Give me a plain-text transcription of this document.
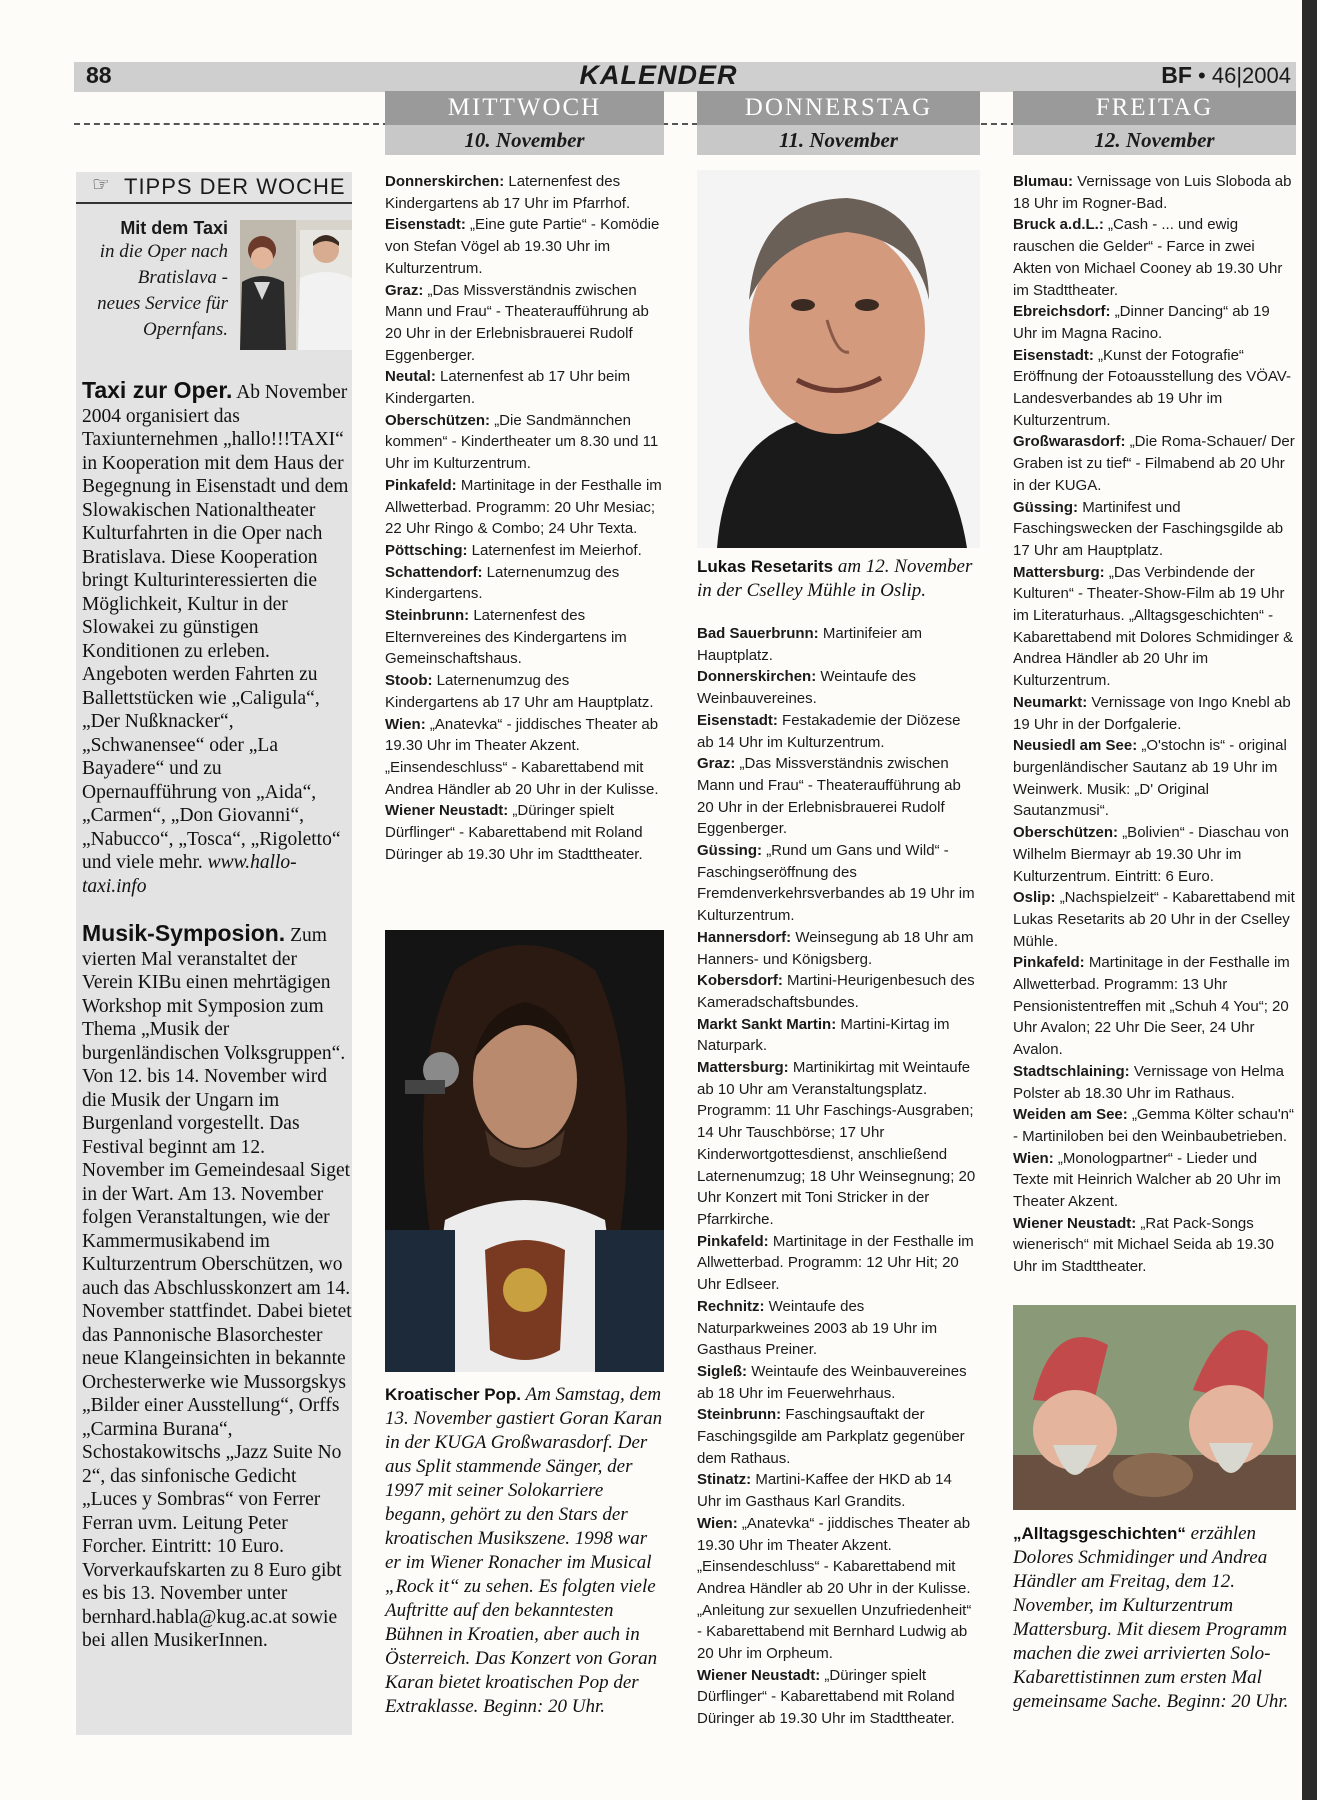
88	KALENDER	BF • 46|2004
MITTWOCH
10. November
DONNERSTAG
11. November
FREITAG
12. November
☞ TIPPS DER WOCHE
Mit dem Taxi
in die Oper nach Bratislava - neues Service für Opernfans.
Taxi zur Oper. Ab November 2004 organisiert das Taxiunternehmen „hallo!!!TAXI“ in Kooperation mit dem Haus der Begegnung in Eisenstadt und dem Slowakischen Nationaltheater Kulturfahrten in die Oper nach Bratislava. Diese Kooperation bringt Kulturinteressierten die Möglichkeit, Kultur in der Slowakei zu günstigen Konditionen zu erleben. Angeboten werden Fahrten zu Ballettstücken wie „Caligula“, „Der Nußknacker“, „Schwanensee“ oder „La Bayadere“ und zu Opernaufführung von „Aida“, „Carmen“, „Don Giovanni“, „Nabucco“, „Tosca“, „Rigoletto“ und viele mehr. www.hallo-taxi.info
Musik-Symposion. Zum vierten Mal veranstaltet der Verein KIBu einen mehrtägigen Workshop mit Symposion zum Thema „Musik der burgenländischen Volksgruppen“. Von 12. bis 14. November wird die Musik der Ungarn im Burgenland vorgestellt. Das Festival beginnt am 12. November im Gemeindesaal Siget in der Wart. Am 13. November folgen Veranstaltungen, wie der Kammermusikabend im Kulturzentrum Oberschützen, wo auch das Abschlusskonzert am 14. November stattfindet. Dabei bietet das Pannonische Blasorchester neue Klangeinsichten in bekannte Orchesterwerke wie Mussorgskys „Bilder einer Ausstellung“, Orffs „Carmina Burana“, Schostakowitschs „Jazz Suite No 2“, das sinfonische Gedicht „Luces y Sombras“ von Ferrer Ferran uvm. Leitung Peter Forcher. Eintritt: 10 Euro. Vorverkaufskarten zu 8 Euro gibt es bis 13. November unter bernhard.habla@kug.ac.at sowie bei allen MusikerInnen.

Donnerskirchen: Laternenfest des Kindergartens ab 17 Uhr im Pfarrhof.

Eisenstadt: „Eine gute Partie“ - Komödie von Stefan Vögel ab 19.30 Uhr im Kulturzentrum.

Graz: „Das Missverständnis zwischen Mann und Frau“ - Theateraufführung ab 20 Uhr in der Erlebnisbrauerei Rudolf Eggenberger.

Neutal: Laternenfest ab 17 Uhr beim Kindergarten.

Oberschützen: „Die Sandmännchen kommen“ - Kindertheater um 8.30 und 11 Uhr im Kulturzentrum.

Pinkafeld: Martinitage in der Festhalle im Allwetterbad. Programm: 20 Uhr Mesiac; 22 Uhr Ringo & Combo; 24 Uhr Texta.

Pöttsching: Laternenfest im Meierhof.

Schattendorf: Laternenumzug des Kindergartens.

Steinbrunn: Laternenfest des Elternvereines des Kindergartens im Gemeinschaftshaus.

Stoob: Laternenumzug des Kindergartens ab 17 Uhr am Hauptplatz.

Wien: „Anatevka“ - jiddisches Theater ab 19.30 Uhr im Theater Akzent. „Einsendeschluss“ - Kabarettabend mit Andrea Händler ab 20 Uhr in der Kulisse.

Wiener Neustadt: „Düringer spielt Dürflinger“ - Kabarettabend mit Roland Düringer ab 19.30 Uhr im Stadttheater.

Kroatischer Pop. Am Samstag, dem 13. November gastiert Goran Karan in der KUGA Großwarasdorf. Der aus Split stammende Sänger, der 1997 mit seiner Solokarriere begann, gehört zu den Stars der kroatischen Musikszene. 1998 war er im Wiener Ronacher im Musical „Rock it“ zu sehen. Es folgten viele Auftritte auf den bekanntesten Bühnen in Kroatien, aber auch in Österreich. Das Konzert von Goran Karan bietet kroatischen Pop der Extraklasse. Beginn: 20 Uhr.
Lukas Resetarits am 12. November in der Cselley Mühle in Oslip.

Bad Sauerbrunn: Martinifeier am Hauptplatz.

Donnerskirchen: Weintaufe des Weinbauvereines.

Eisenstadt: Festakademie der Diözese ab 14 Uhr im Kulturzentrum.

Graz: „Das Missverständnis zwischen Mann und Frau“ - Theateraufführung ab 20 Uhr in der Erlebnisbrauerei Rudolf Eggenberger.

Güssing: „Rund um Gans und Wild“ - Faschingseröffnung des Fremdenverkehrsverbandes ab 19 Uhr im Kulturzentrum.

Hannersdorf: Weinsegung ab 18 Uhr am Hanners- und Königsberg.

Kobersdorf: Martini-Heurigenbesuch des Kameradschaftsbundes.

Markt Sankt Martin: Martini-Kirtag im Naturpark.

Mattersburg: Martinikirtag mit Weintaufe ab 10 Uhr am Veranstaltungsplatz. Programm: 11 Uhr Faschings-Ausgraben; 14 Uhr Tauschbörse; 17 Uhr Kinderwortgottesdienst, anschließend Laternenumzug; 18 Uhr Weinsegnung; 20 Uhr Konzert mit Toni Stricker in der Pfarrkirche.

Pinkafeld: Martinitage in der Festhalle im Allwetterbad. Programm: 12 Uhr Hit; 20 Uhr Edlseer.

Rechnitz: Weintaufe des Naturparkweines 2003 ab 19 Uhr im Gasthaus Preiner.

Sigleß: Weintaufe des Weinbauvereines ab 18 Uhr im Feuerwehrhaus.

Steinbrunn: Faschingsauftakt der Faschingsgilde am Parkplatz gegenüber dem Rathaus.

Stinatz: Martini-Kaffee der HKD ab 14 Uhr im Gasthaus Karl Grandits.

Wien: „Anatevka“ - jiddisches Theater ab 19.30 Uhr im Theater Akzent. „Einsendeschluss“ - Kabarettabend mit Andrea Händler ab 20 Uhr in der Kulisse. „Anleitung zur sexuellen Unzufriedenheit“ - Kabarettabend mit Bernhard Ludwig ab 20 Uhr im Orpheum.

Wiener Neustadt: „Düringer spielt Dürflinger“ - Kabarettabend mit Roland Düringer ab 19.30 Uhr im Stadttheater.

Blumau: Vernissage von Luis Sloboda ab 18 Uhr im Rogner-Bad.

Bruck a.d.L.: „Cash - ... und ewig rauschen die Gelder“ - Farce in zwei Akten von Michael Cooney ab 19.30 Uhr im Stadttheater.

Ebreichsdorf: „Dinner Dancing“ ab 19 Uhr im Magna Racino.

Eisenstadt: „Kunst der Fotografie“ Eröffnung der Fotoausstellung des VÖAV-Landesverbandes ab 19 Uhr im Kulturzentrum.

Großwarasdorf: „Die Roma-Schauer/ Der Graben ist zu tief“ - Filmabend ab 20 Uhr in der KUGA.

Güssing: Martinifest und Faschingswecken der Faschingsgilde ab 17 Uhr am Hauptplatz.

Mattersburg: „Das Verbindende der Kulturen“ - Theater-Show-Film ab 19 Uhr im Literaturhaus. „Alltagsgeschichten“ - Kabarettabend mit Dolores Schmidinger & Andrea Händler ab 20 Uhr im Kulturzentrum.

Neumarkt: Vernissage von Ingo Knebl ab 19 Uhr in der Dorfgalerie.

Neusiedl am See: „O'stochn is“ - original burgenländischer Sautanz ab 19 Uhr im Weinwerk. Musik: „D' Original Sautanzmusi“.

Oberschützen: „Bolivien“ - Diaschau von Wilhelm Biermayr ab 19.30 Uhr im Kulturzentrum. Eintritt: 6 Euro.

Oslip: „Nachspielzeit“ - Kabarettabend mit Lukas Resetarits ab 20 Uhr in der Cselley Mühle.

Pinkafeld: Martinitage in der Festhalle im Allwetterbad. Programm: 13 Uhr Pensionistentreffen mit „Schuh 4 You“; 20 Uhr Avalon; 22 Uhr Die Seer, 24 Uhr Avalon.

Stadtschlaining: Vernissage von Helma Polster ab 18.30 Uhr im Rathaus.

Weiden am See: „Gemma Költer schau'n“ - Martiniloben bei den Weinbaubetrieben.

Wien: „Monologpartner“ - Lieder und Texte mit Heinrich Walcher ab 20 Uhr im Theater Akzent.

Wiener Neustadt: „Rat Pack-Songs wienerisch“ mit Michael Seida ab 19.30 Uhr im Stadttheater.

„Alltagsgeschichten“ erzählen Dolores Schmidinger und Andrea Händler am Freitag, dem 12. November, im Kulturzentrum Mattersburg. Mit diesem Programm machen die zwei arrivierten Solo-Kabarettistinnen zum ersten Mal gemeinsame Sache. Beginn: 20 Uhr.
